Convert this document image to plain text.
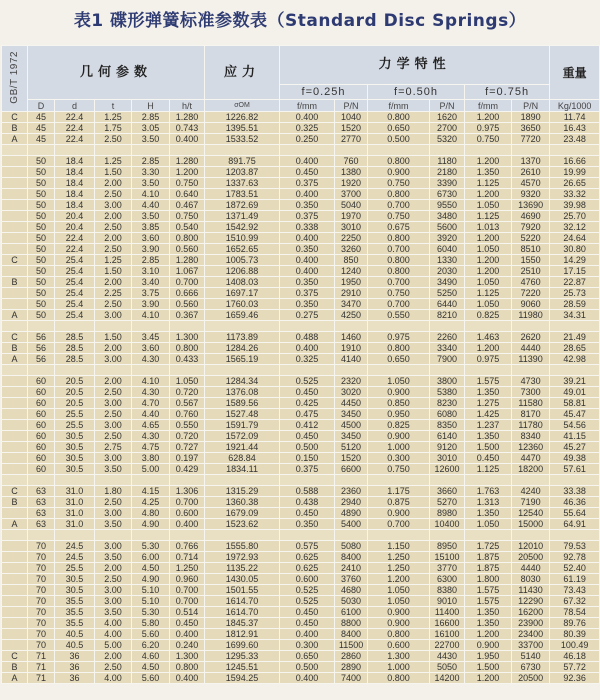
表1 碟形弹簧标准参数表（Standard Disc Springs）
GB/T 1972	几何参数					应力	力学特性						重量
							f=0.25h		f=0.50h		f=0.75h		
	D	d	t	H	h/t	σOM	f/mm	P/N	f/mm	P/N	f/mm	P/N	Kg/1000
C	45	22.4	1.25	2.85	1.280	1226.82	0.400	1040	0.800	1620	1.200	1890	11.74
B	45	22.4	1.75	3.05	0.743	1395.51	0.325	1520	0.650	2700	0.975	3650	16.43
A	45	22.4	2.50	3.50	0.400	1533.52	0.250	2770	0.500	5320	0.750	7720	23.48

	50	18.4	1.25	2.85	1.280	891.75	0.400	760	0.800	1180	1.200	1370	16.66
	50	18.4	1.50	3.30	1.200	1203.87	0.450	1380	0.900	2180	1.350	2610	19.99
	50	18.4	2.00	3.50	0.750	1337.63	0.375	1920	0.750	3390	1.125	4570	26.65
	50	18.4	2.50	4.10	0.640	1783.51	0.400	3700	0.800	6730	1.200	9320	33.32
	50	18.4	3.00	4.40	0.467	1872.69	0.350	5040	0.700	9550	1.050	13690	39.98
	50	20.4	2.00	3.50	0.750	1371.49	0.375	1970	0.750	3480	1.125	4690	25.70
	50	20.4	2.50	3.85	0.540	1542.92	0.338	3010	0.675	5600	1.013	7920	32.12
	50	22.4	2.00	3.60	0.800	1510.99	0.400	2250	0.800	3920	1.200	5220	24.64
	50	22.4	2.50	3.90	0.560	1652.65	0.350	3260	0.700	6040	1.050	8510	30.80
C	50	25.4	1.25	2.85	1.280	1005.73	0.400	850	0.800	1330	1.200	1550	14.29
	50	25.4	1.50	3.10	1.067	1206.88	0.400	1240	0.800	2030	1.200	2510	17.15
B	50	25.4	2.00	3.40	0.700	1408.03	0.350	1950	0.700	3490	1.050	4760	22.87
	50	25.4	2.25	3.75	0.666	1697.17	0.375	2910	0.750	5250	1.125	7220	25.73
	50	25.4	2.50	3.90	0.560	1760.03	0.350	3470	0.700	6440	1.050	9060	28.59
A	50	25.4	3.00	4.10	0.367	1659.46	0.275	4250	0.550	8210	0.825	11980	34.31

C	56	28.5	1.50	3.45	1.300	1173.89	0.488	1460	0.975	2260	1.463	2620	21.49
B	56	28.5	2.00	3.60	0.800	1284.26	0.400	1910	0.800	3340	1.200	4440	28.65
A	56	28.5	3.00	4.30	0.433	1565.19	0.325	4140	0.650	7900	0.975	11390	42.98

	60	20.5	2.00	4.10	1.050	1284.34	0.525	2320	1.050	3800	1.575	4730	39.21
	60	20.5	2.50	4.30	0.720	1376.08	0.450	3020	0.900	5380	1.350	7300	49.01
	60	20.5	3.00	4.70	0.567	1589.56	0.425	4450	0.850	8230	1.275	11580	58.81
	60	25.5	2.50	4.40	0.760	1527.48	0.475	3450	0.950	6080	1.425	8170	45.47
	60	25.5	3.00	4.65	0.550	1591.79	0.412	4500	0.825	8350	1.237	11780	54.56
	60	30.5	2.50	4.30	0.720	1572.09	0.450	3450	0.900	6140	1.350	8340	41.15
	60	30.5	2.75	4.75	0.727	1921.44	0.500	5120	1.000	9120	1.500	12360	45.27
	60	30.5	3.00	3.80	0.197	628.84	0.150	1520	0.300	3010	0.450	4470	49.38
	60	30.5	3.50	5.00	0.429	1834.11	0.375	6600	0.750	12600	1.125	18200	57.61

C	63	31.0	1.80	4.15	1.306	1315.29	0.588	2360	1.175	3660	1.763	4240	33.38
B	63	31.0	2.50	4.25	0.700	1360.38	0.438	2940	0.875	5270	1.313	7190	46.36
	63	31.0	3.00	4.80	0.600	1679.09	0.450	4890	0.900	8980	1.350	12540	55.64
A	63	31.0	3.50	4.90	0.400	1523.62	0.350	5400	0.700	10400	1.050	15000	64.91

	70	24.5	3.00	5.30	0.766	1555.80	0.575	5080	1.150	8950	1.725	12010	79.53
	70	24.5	3.50	6.00	0.714	1972.93	0.625	8400	1.250	15100	1.875	20500	92.78
	70	25.5	2.00	4.50	1.250	1135.22	0.625	2410	1.250	3770	1.875	4440	52.40
	70	30.5	2.50	4.90	0.960	1430.05	0.600	3760	1.200	6300	1.800	8030	61.19
	70	30.5	3.00	5.10	0.700	1501.55	0.525	4680	1.050	8380	1.575	11430	73.43
	70	35.5	3.00	5.10	0.700	1614.70	0.525	5030	1.050	9010	1.575	12290	67.32
	70	35.5	3.50	5.30	0.514	1614.70	0.450	6100	0.900	11400	1.350	16200	78.54
	70	35.5	4.00	5.80	0.450	1845.37	0.450	8800	0.900	16600	1.350	23900	89.76
	70	40.5	4.00	5.60	0.400	1812.91	0.400	8400	0.800	16100	1.200	23400	80.39
	70	40.5	5.00	6.20	0.240	1699.60	0.300	11500	0.600	22700	0.900	33700	100.49
C	71	36	2.00	4.60	1.300	1295.33	0.650	2860	1.300	4430	1.950	5140	46.18
B	71	36	2.50	4.50	0.800	1245.51	0.500	2890	1.000	5050	1.500	6730	57.72
A	71	36	4.00	5.60	0.400	1594.25	0.400	7400	0.800	14200	1.200	20500	92.36
